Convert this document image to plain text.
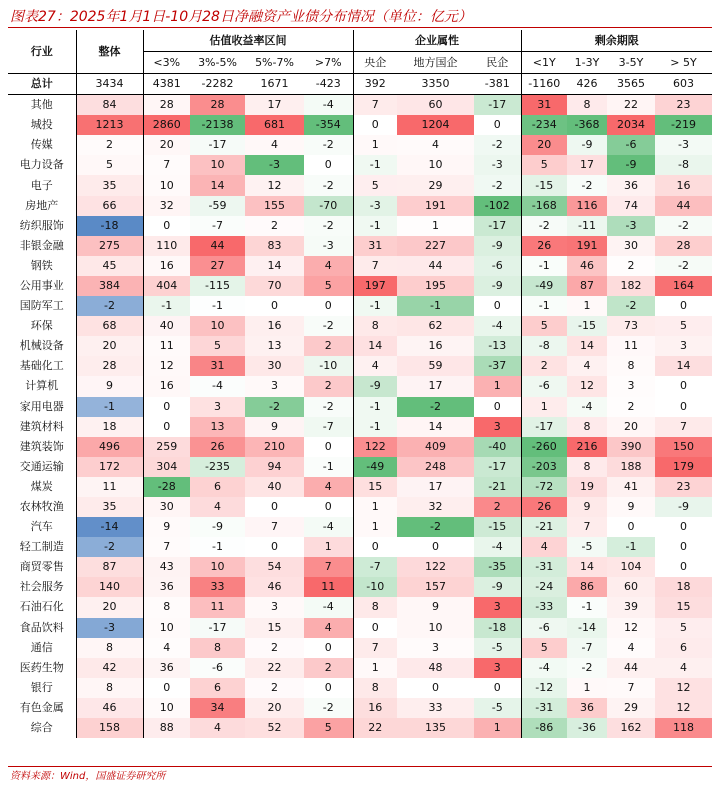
图表27：2025年1月1日-10月28日净融资产业债分布情况（单位：亿元）
行业	整体	估值收益率区间				企业属性			剩余期限			
		<3%	3%-5%	5%-7%	>7%	央企	地方国企	民企	<1Y	1-3Y	3-5Y	> 5Y
总计	3434	4381	-2282	1671	-423	392	3350	-381	-1160	426	3565	603
其他	84	28	28	17	-4	7	60	-17	31	8	22	23
城投	1213	2860	-2138	681	-354	0	1204	0	-234	-368	2034	-219
传媒	2	20	-17	4	-2	1	4	-2	20	-9	-6	-3
电力设备	5	7	10	-3	0	-1	10	-3	5	17	-9	-8
电子	35	10	14	12	-2	5	29	-2	-15	-2	36	16
房地产	66	32	-59	155	-70	-3	191	-102	-168	116	74	44
纺织服饰	-18	0	-7	2	-2	-1	1	-17	-2	-11	-3	-2
非银金融	275	110	44	83	-3	31	227	-9	26	191	30	28
钢铁	45	16	27	14	4	7	44	-6	-1	46	2	-2
公用事业	384	404	-115	70	5	197	195	-9	-49	87	182	164
国防军工	-2	-1	-1	0	0	-1	-1	0	-1	1	-2	0
环保	68	40	10	16	-2	8	62	-4	5	-15	73	5
机械设备	20	11	5	13	2	14	16	-13	-8	14	11	3
基础化工	28	12	31	30	-10	4	59	-37	2	4	8	14
计算机	9	16	-4	3	2	-9	17	1	-6	12	3	0
家用电器	-1	0	3	-2	-2	-1	-2	0	1	-4	2	0
建筑材料	18	0	13	9	-7	-1	14	3	-17	8	20	7
建筑装饰	496	259	26	210	0	122	409	-40	-260	216	390	150
交通运输	172	304	-235	94	-1	-49	248	-17	-203	8	188	179
煤炭	11	-28	6	40	4	15	17	-21	-72	19	41	23
农林牧渔	35	30	4	0	0	1	32	2	26	9	9	-9
汽车	-14	9	-9	7	-4	1	-2	-15	-21	7	0	0
轻工制造	-2	7	-1	0	1	0	0	-4	4	-5	-1	0
商贸零售	87	43	10	54	7	-7	122	-35	-31	14	104	0
社会服务	140	36	33	46	11	-10	157	-9	-24	86	60	18
石油石化	20	8	11	3	-4	8	9	3	-33	-1	39	15
食品饮料	-3	10	-17	15	4	0	10	-18	-6	-14	12	5
通信	8	4	8	2	0	7	3	-5	5	-7	4	6
医药生物	42	36	-6	22	2	1	48	3	-4	-2	44	4
银行	8	0	6	2	0	8	0	0	-12	1	7	12
有色金属	46	10	34	20	-2	16	33	-5	-31	36	29	12
综合	158	88	4	52	5	22	135	1	-86	-36	162	118
资料来源：Wind，国盛证券研究所
